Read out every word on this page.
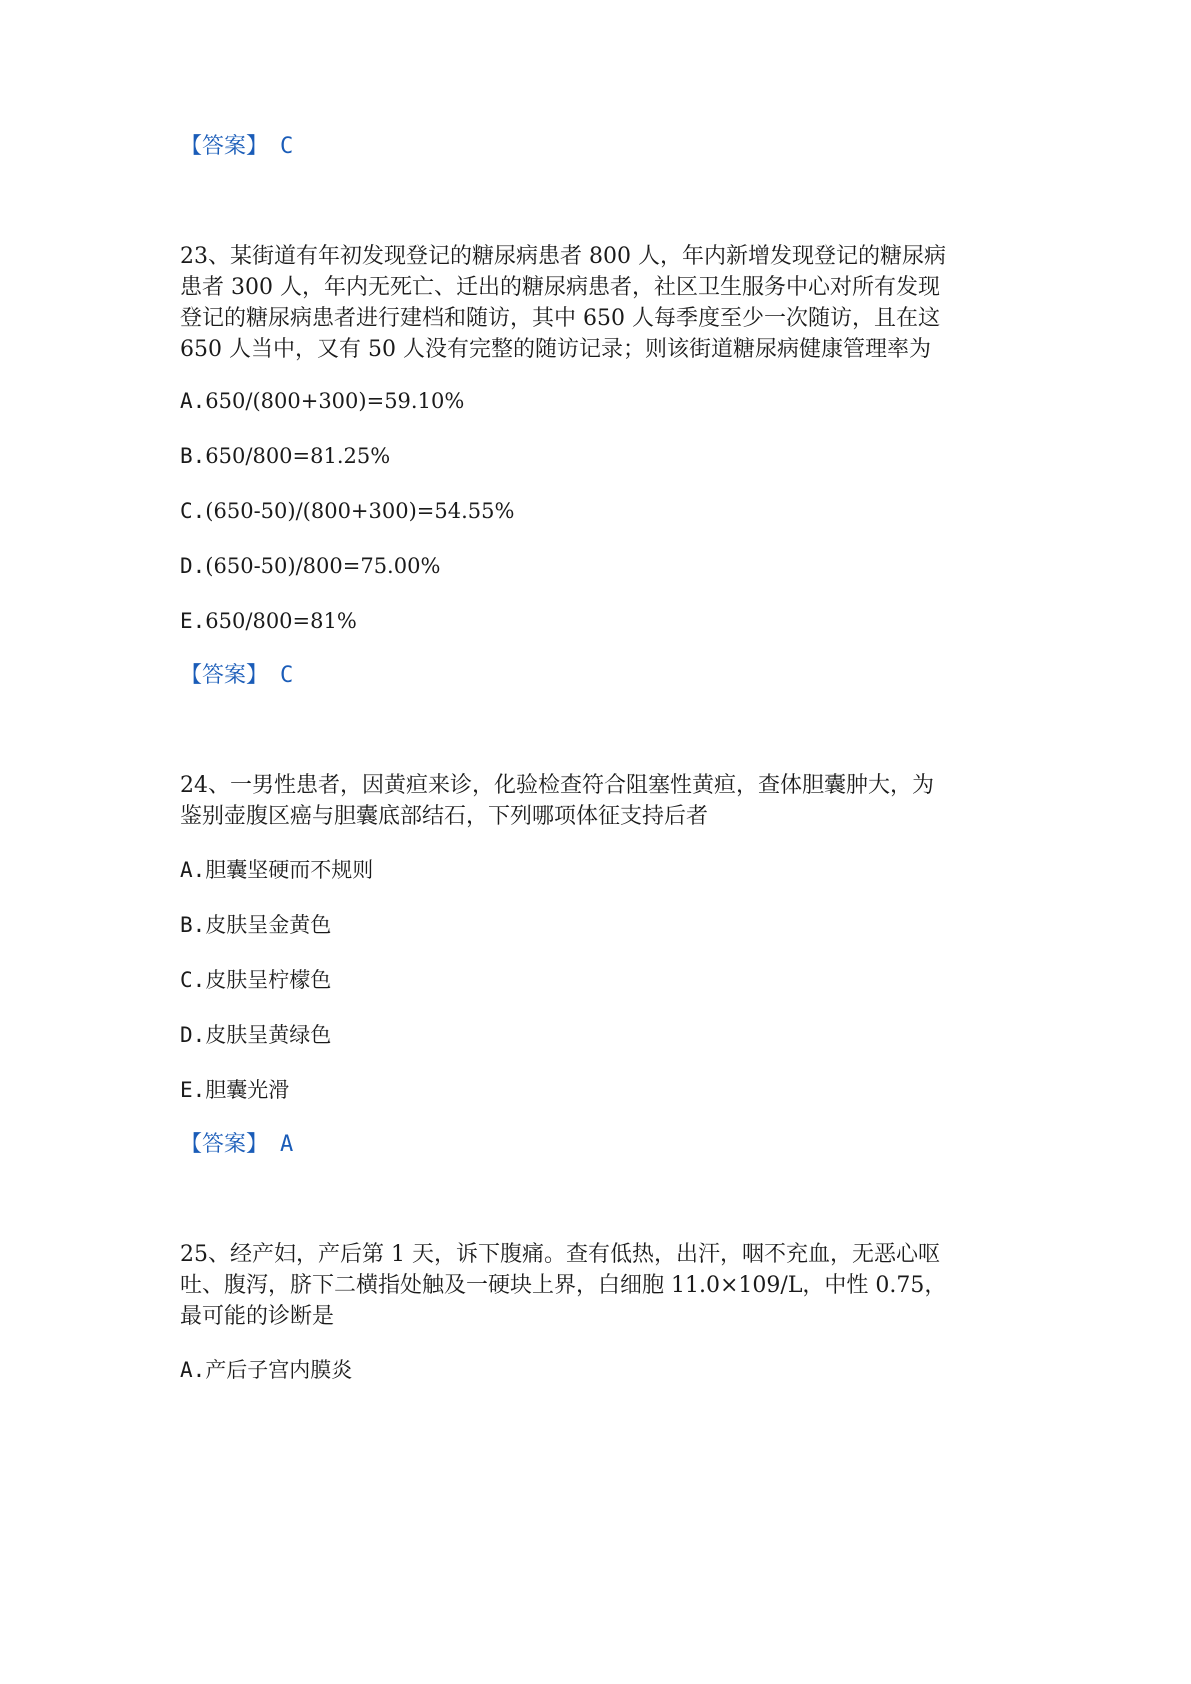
【答案】 C
23、某街道有年初发现登记的糖尿病患者 800 人，年内新增发现登记的糖尿病
患者 300 人，年内无死亡、迁出的糖尿病患者，社区卫生服务中心对所有发现
登记的糖尿病患者进行建档和随访，其中 650 人每季度至少一次随访，且在这
650 人当中，又有 50 人没有完整的随访记录；则该街道糖尿病健康管理率为
A.650/(800+300)=59.10%
B.650/800=81.25%
C.(650-50)/(800+300)=54.55%
D.(650-50)/800=75.00%
E.650/800=81%
【答案】 C
24、一男性患者，因黄疸来诊，化验检查符合阻塞性黄疸，查体胆囊肿大，为
鉴别壶腹区癌与胆囊底部结石，下列哪项体征支持后者
A.胆囊坚硬而不规则
B.皮肤呈金黄色
C.皮肤呈柠檬色
D.皮肤呈黄绿色
E.胆囊光滑
【答案】 A
25、经产妇，产后第 1 天，诉下腹痛。查有低热，出汗，咽不充血，无恶心呕
吐、腹泻，脐下二横指处触及一硬块上界，白细胞 11.0×109/L，中性 0.75，
最可能的诊断是
A.产后子宫内膜炎
